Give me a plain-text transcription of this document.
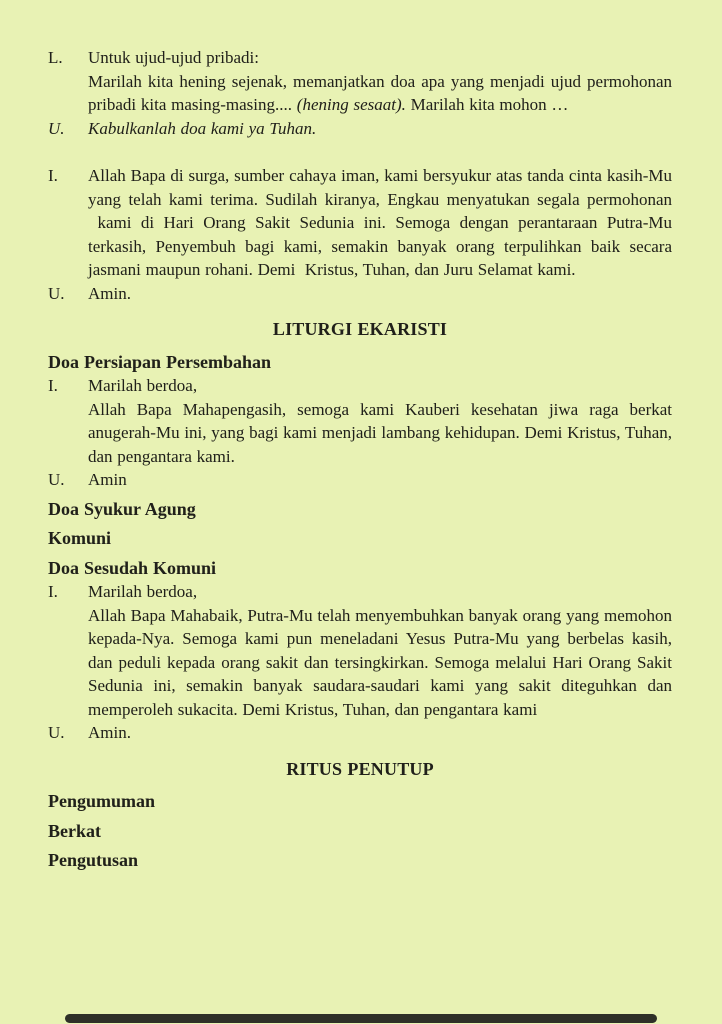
L.	Untuk ujud-ujud pribadi:
Marilah kita hening sejenak, memanjatkan doa apa yang menjadi ujud permohonan pribadi kita masing-masing.... (hening sesaat). Marilah kita mohon …
U.	Kabulkanlah doa kami ya Tuhan.
I.	Allah Bapa di surga, sumber cahaya iman, kami bersyukur atas tanda cinta kasih-Mu yang telah kami terima. Sudilah kiranya, Engkau menyatukan segala permohonan  kami di Hari Orang Sakit Sedunia ini. Semoga dengan perantaraan Putra-Mu terkasih, Penyembuh bagi kami, semakin banyak orang terpulihkan baik secara jasmani maupun rohani. Demi  Kristus, Tuhan, dan Juru Selamat kami.
U.	Amin.
LITURGI EKARISTI
Doa Persiapan Persembahan
I.	Marilah berdoa,
Allah Bapa Mahapengasih, semoga kami Kauberi kesehatan jiwa raga berkat anugerah-Mu ini, yang bagi kami menjadi lambang kehidupan. Demi Kristus, Tuhan, dan pengantara kami.
U.	Amin
Doa Syukur Agung
Komuni
Doa Sesudah Komuni
I.	Marilah berdoa,
Allah Bapa Mahabaik, Putra-Mu telah menyembuhkan banyak orang yang memohon kepada-Nya. Semoga kami pun meneladani Yesus Putra-Mu yang berbelas kasih, dan peduli kepada orang sakit dan tersingkirkan. Semoga melalui Hari Orang Sakit Sedunia ini, semakin banyak saudara-saudari kami yang sakit diteguhkan dan memperoleh sukacita. Demi Kristus, Tuhan, dan pengantara kami
U.	Amin.
RITUS PENUTUP
Pengumuman
Berkat
Pengutusan
